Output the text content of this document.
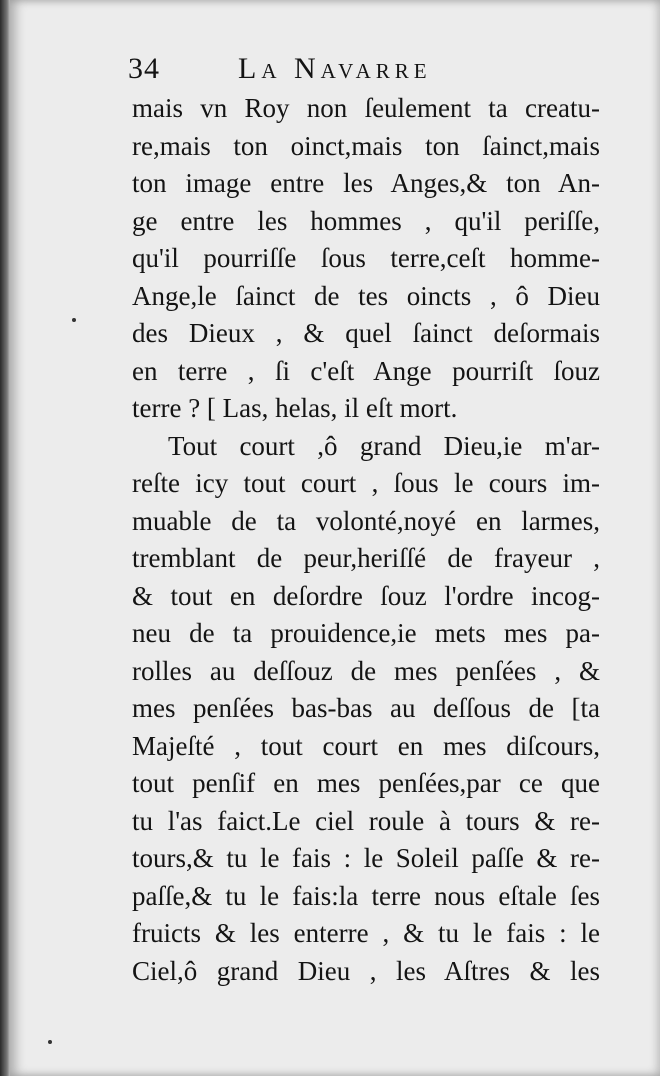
34	La Navarre
mais vn Roy non ſeulement ta creatu-
re,mais ton oinct,mais ton ſainct,mais
ton image entre les Anges,& ton An-
ge entre les hommes , qu'il periſſe,
qu'il pourriſſe ſous terre,ceſt homme-
Ange,le ſainct de tes oincts , ô Dieu
des Dieux , & quel ſainct deſormais
en terre , ſi c'eſt Ange pourriſt ſouz
terre ? [ Las, helas, il eſt mort.
Tout court ,ô grand Dieu,ie m'ar-
reſte icy tout court , ſous le cours im-
muable de ta volonté,noyé en larmes,
tremblant de peur,heriſſé de frayeur ,
& tout en deſordre ſouz l'ordre incog-
neu de ta prouidence,ie mets mes pa-
rolles au deſſouz de mes penſées , &
mes penſées bas-bas au deſſous de [ta
Majeſté , tout court en mes diſcours,
tout penſif en mes penſées,par ce que
tu l'as faict.Le ciel roule à tours & re-
tours,& tu le fais : le Soleil paſſe & re-
paſſe,& tu le fais:la terre nous eſtale ſes
fruicts & les enterre , & tu le fais : le
Ciel,ô grand Dieu , les Aſtres & les
